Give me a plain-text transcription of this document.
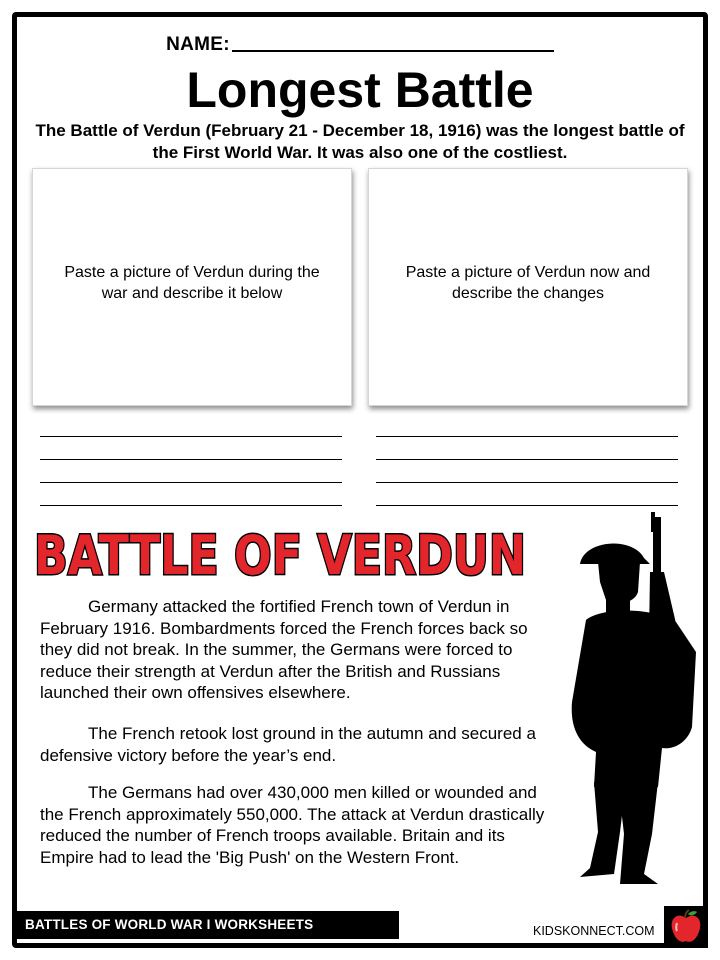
NAME:
Longest Battle
The Battle of Verdun (February 21 - December 18, 1916) was the longest battle of the First World War. It was also one of the costliest.
Paste a picture of Verdun during the war and describe it below
Paste a picture of Verdun now and describe the changes
BATTLE OF VERDUN
Germany attacked the fortified French town of Verdun in February 1916. Bombardments forced the French forces back so they did not break. In the summer, the Germans were forced to reduce their strength at Verdun after the British and Russians launched their own offensives elsewhere.
The French retook lost ground in the autumn and secured a defensive victory before the year’s end.
The Germans had over 430,000 men killed or wounded and the French approximately 550,000. The attack at Verdun drastically reduced the number of French troops available. Britain and its Empire had to lead the 'Big Push' on the Western Front.
BATTLES OF WORLD WAR I WORKSHEETS	KIDSKONNECT.COM
